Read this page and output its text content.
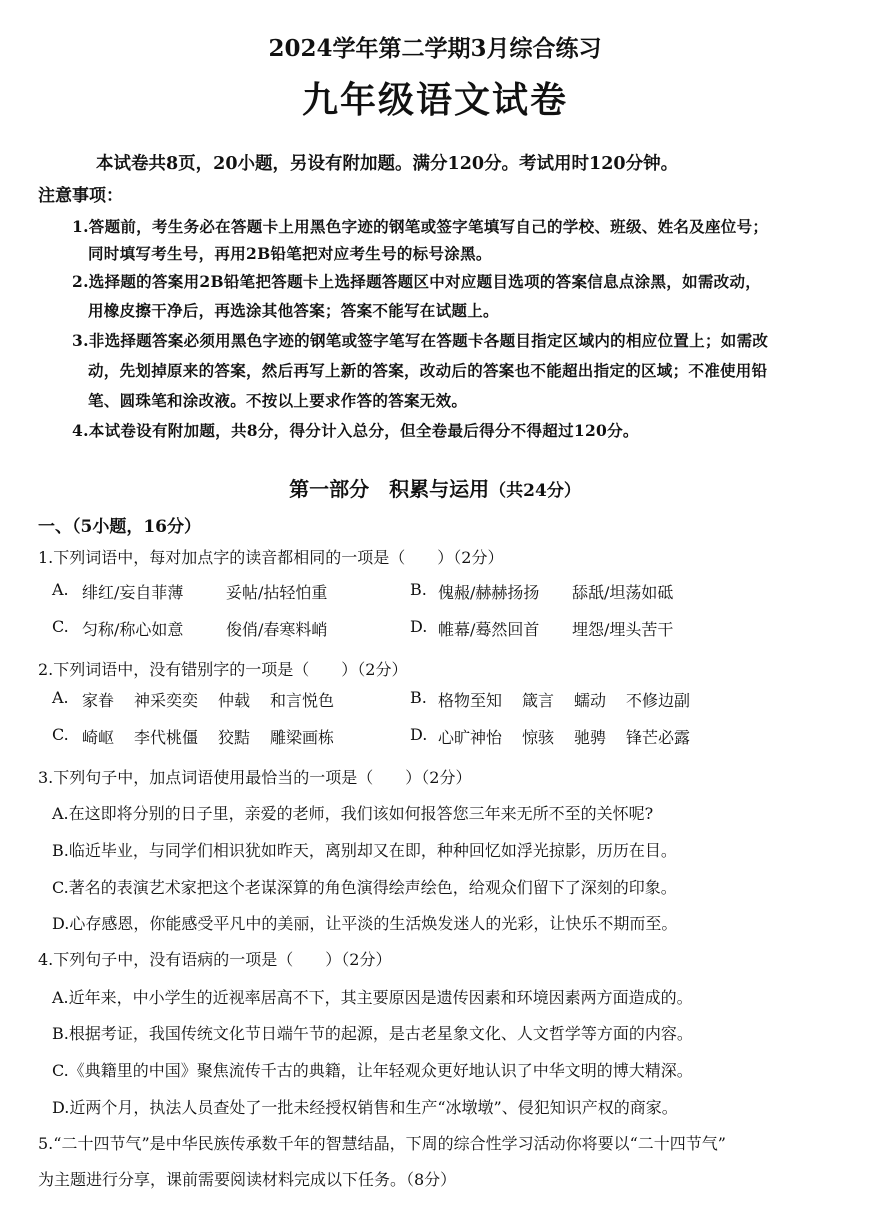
2024学年第二学期3月综合练习
九年级语文试卷
本试卷共8页，20小题，另设有附加题。满分120分。考试用时120分钟。
注意事项：
1.答题前，考生务必在答题卡上用黑色字迹的钢笔或签字笔填写自己的学校、班级、姓名及座位号；
同时填写考生号，再用2B铅笔把对应考生号的标号涂黑。
2.选择题的答案用2B铅笔把答题卡上选择题答题区中对应题目选项的答案信息点涂黑，如需改动，
用橡皮擦干净后，再选涂其他答案；答案不能写在试题上。
3.非选择题答案必须用黑色字迹的钢笔或签字笔写在答题卡各题目指定区域内的相应位置上；如需改
动，先划掉原来的答案，然后再写上新的答案，改动后的答案也不能超出指定的区域；不准使用铅
笔、圆珠笔和涂改液。不按以上要求作答的答案无效。
4.本试卷设有附加题，共8分，得分计入总分，但全卷最后得分不得超过120分。
第一部分　积累与运用（共24分）
一、（5小题，16分）
1.下列词语中，每对加点字的读音都相同的一项是（　　）（2分）
A. 绯红/妄自菲薄	妥帖/拈轻怕重	B. 傀赧/赫赫扬扬 舔舐/坦荡如砥
C. 匀称/称心如意	俊俏/春寒料峭	D. 帷幕/蓦然回首 埋怨/埋头苦干
2.下列词语中，没有错别字的一项是（　　）（2分）
A. 家眷 神采奕奕 仲载 和言悦色	B. 格物至知 箴言 蠕动 不修边副
C. 崎岖 李代桃僵 狡黠 雕梁画栋	D. 心旷神怡 惊骇 驰骋 锋芒必露
3.下列句子中，加点词语使用最恰当的一项是（　　）（2分）
A.在这即将分别的日子里，亲爱的老师，我们该如何报答您三年来无所不至的关怀呢?
B.临近毕业，与同学们相识犹如昨天，离别却又在即，种种回忆如浮光掠影，历历在目。
C.著名的表演艺术家把这个老谋深算的角色演得绘声绘色，给观众们留下了深刻的印象。
D.心存感恩，你能感受平凡中的美丽，让平淡的生活焕发迷人的光彩，让快乐不期而至。
4.下列句子中，没有语病的一项是（　　）（2分）
A.近年来，中小学生的近视率居高不下，其主要原因是遗传因素和环境因素两方面造成的。
B.根据考证，我国传统文化节日端午节的起源，是古老星象文化、人文哲学等方面的内容。
C.《典籍里的中国》聚焦流传千古的典籍，让年轻观众更好地认识了中华文明的博大精深。
D.近两个月，执法人员查处了一批未经授权销售和生产“冰墩墩”、侵犯知识产权的商家。
5.“二十四节气”是中华民族传承数千年的智慧结晶，下周的综合性学习活动你将要以“二十四节气”
为主题进行分享，课前需要阅读材料完成以下任务。（8分）
